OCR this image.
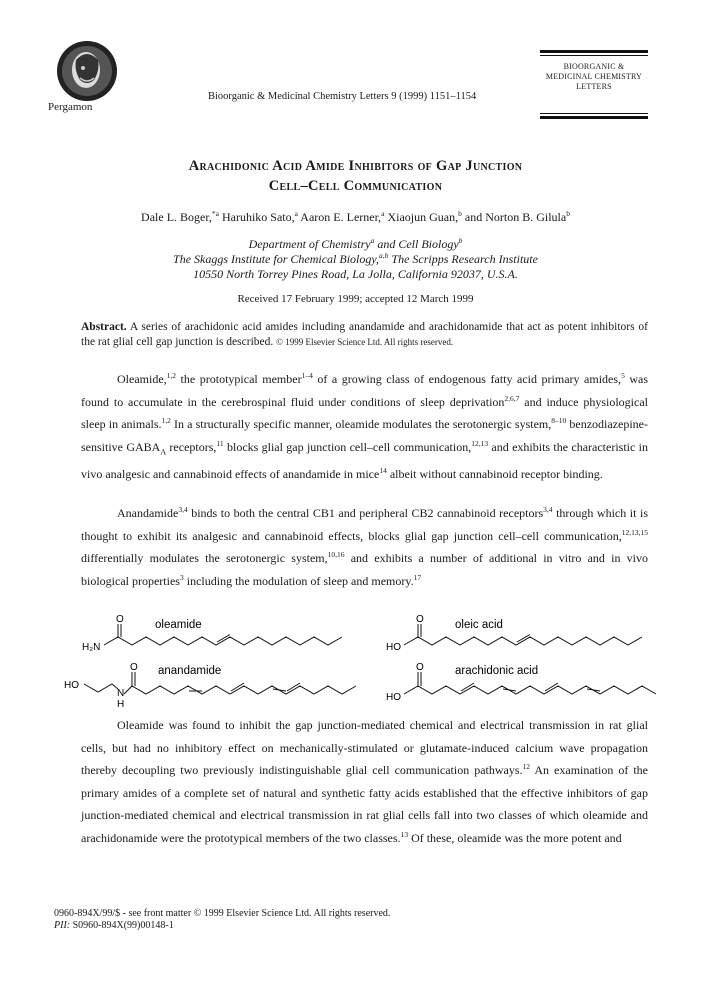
Pergamon
Bioorganic & Medicinal Chemistry Letters 9 (1999) 1151–1154
BIOORGANIC &
MEDICINAL CHEMISTRY
LETTERS
Arachidonic Acid Amide Inhibitors of Gap Junction
Cell–Cell Communication
Dale L. Boger,$^{*a}$ Haruhiko Sato,$^a$ Aaron E. Lerner,$^a$ Xiaojun Guan,$^b$ and Norton B. Gilula$^b$
Department of Chemistry$^a$ and Cell Biology$^b$
The Skaggs Institute for Chemical Biology,$^{a,b}$ The Scripps Research Institute
10550 North Torrey Pines Road, La Jolla, California 92037, U.S.A.
Received 17 February 1999; accepted 12 March 1999
Abstract. A series of arachidonic acid amides including anandamide and arachidonamide that act as potent inhibitors of the rat glial cell gap junction is described. © 1999 Elsevier Science Ltd. All rights reserved.
Oleamide,$^{1,2}$ the prototypical member$^{1-4}$ of a growing class of endogenous fatty acid primary amides,$^5$ was found to accumulate in the cerebrospinal fluid under conditions of sleep deprivation$^{2,6,7}$ and induce physiological sleep in animals.$^{1,2}$ In a structurally specific manner, oleamide modulates the serotonergic system,$^{8-10}$ benzodiazepine-sensitive $GABA_A$ receptors,$^{11}$ blocks glial gap junction cell–cell communication,$^{12,13}$ and exhibits the characteristic in vivo analgesic and cannabinoid effects of anandamide in mice$^{14}$ albeit without cannabinoid receptor binding.
Anandamide$^{3,4}$ binds to both the central CB1 and peripheral CB2 cannabinoid receptors$^{3,4}$ through which it is thought to exhibit its analgesic and cannabinoid effects, blocks glial gap junction cell–cell communication,$^{12,13,15}$ differentially modulates the serotonergic system,$^{10,16}$ and exhibits a number of additional in vitro and in vivo biological properties$^3$ including the modulation of sleep and memory.$^{17}$
O
H₂N
oleamide	O
HO
oleic acid
O
HO
N
H
anandamide	O
HO
arachidonic acid
Oleamide was found to inhibit the gap junction-mediated chemical and electrical transmission in rat glial cells, but had no inhibitory effect on mechanically-stimulated or glutamate-induced calcium wave propagation thereby decoupling two previously indistinguishable glial cell communication pathways.$^{12}$ An examination of the primary amides of a complete set of natural and synthetic fatty acids established that the effective inhibitors of gap junction-mediated chemical and electrical transmission in rat glial cells fall into two classes of which oleamide and arachidonamide were the prototypical members of the two classes.$^{13}$ Of these, oleamide was the more potent and
0960-894X/99/$ - see front matter © 1999 Elsevier Science Ltd. All rights reserved.
PII: S0960-894X(99)00148-1
